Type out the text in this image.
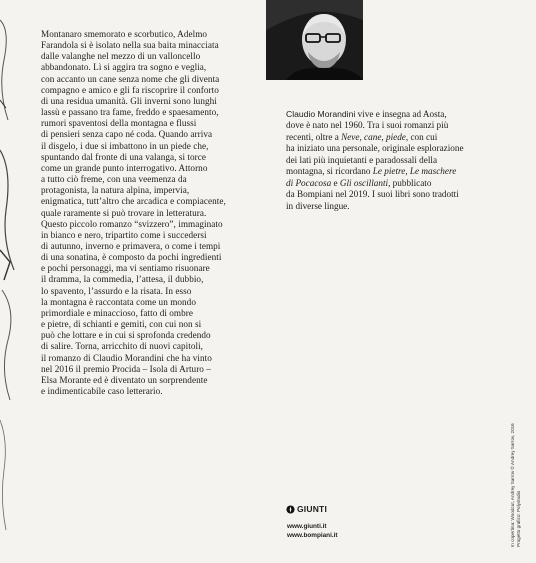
Montanaro smemorato e scorbutico, Adelmo
Farandola si è isolato nella sua baita minacciata
dalle valanghe nel mezzo di un valloncello
abbandonato. Lì si aggira tra sogno e veglia,
con accanto un cane senza nome che gli diventa
compagno e amico e gli fa riscoprire il conforto
di una residua umanità. Gli inverni sono lunghi
lassù e passano tra fame, freddo e spaesamento,
rumori spaventosi della montagna e flussi
di pensieri senza capo né coda. Quando arriva
il disgelo, i due si imbattono in un piede che,
spuntando dal fronte di una valanga, si torce
come un grande punto interrogativo. Attorno
a tutto ciò freme, con una veemenza da
protagonista, la natura alpina, impervia,
enigmatica, tutt’altro che arcadica e compiacente,
quale raramente si può trovare in letteratura.
Questo piccolo romanzo “svizzero”, immaginato
in bianco e nero, tripartito come i succedersi
di autunno, inverno e primavera, o come i tempi
di una sonatina, è composto da pochi ingredienti
e pochi personaggi, ma vi sentiamo risuonare
il dramma, la commedia, l’attesa, il dubbio,
lo spavento, l’assurdo e la risata. In esso
la montagna è raccontata come un mondo
primordiale e minaccioso, fatto di ombre
e pietre, di schianti e gemiti, con cui non si
può che lottare e in cui si sprofonda credendo
di salire. Torna, arricchito di nuovi capitoli,
il romanzo di Claudio Morandini che ha vinto
nel 2016 il premio Procida – Isola di Arturo –
Elsa Morante ed è diventato un sorprendente
e indimenticabile caso letterario.
Claudio Morandini vive e insegna ad Aosta,
dove è nato nel 1960. Tra i suoi romanzi più
recenti, oltre a Neve, cane, piede, con cui
ha iniziato una personale, originale esplorazione
dei lati più inquietanti e paradossali della
montagna, si ricordano Le pietre, Le maschere
di Pocacosa e Gli oscillanti, pubblicato
da Bompiani nel 2019. I suoi libri sono tradotti
in diverse lingue.
GIUNTI
www.giunti.it
www.bompiani.it	In copertina: Woodcut, Andrey Sarrov © Andrey Sarrov, 2016 Progetto grafico: Polystudio
